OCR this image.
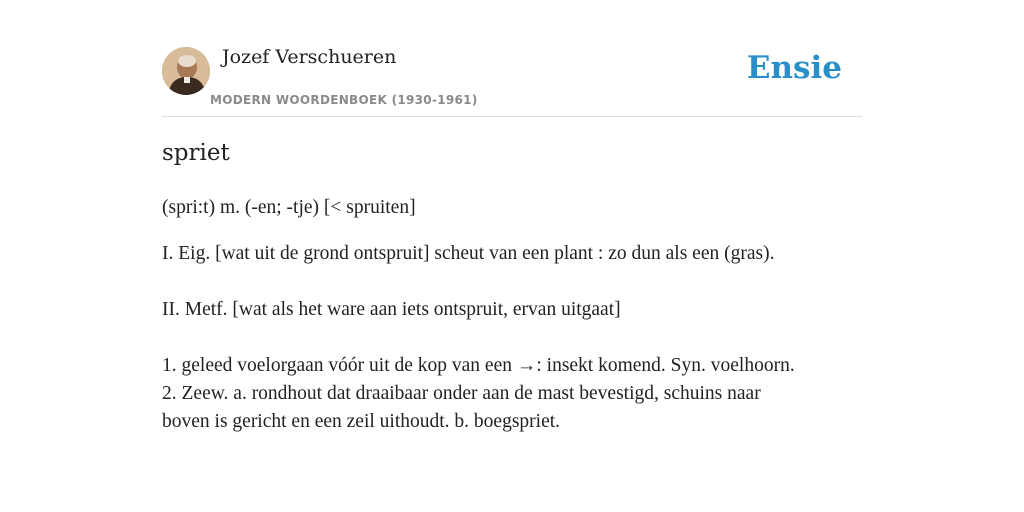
Jozef Verschueren
MODERN WOORDENBOEK (1930-1961)
Ensie
spriet

(spri:t) m. (-en; -tje) [< spruiten]

I. Eig. [wat uit de grond ontspruit] scheut van een plant : zo dun als een (gras).

II. Metf. [wat als het ware aan iets ontspruit, ervan uitgaat]

1. geleed voelorgaan vóór uit de kop van een →: insekt komend. Syn. voelhoorn.

2. Zeew. a. rondhout dat draaibaar onder aan de mast bevestigd, schuins naar

boven is gericht en een zeil uithoudt. b. boegspriet.
